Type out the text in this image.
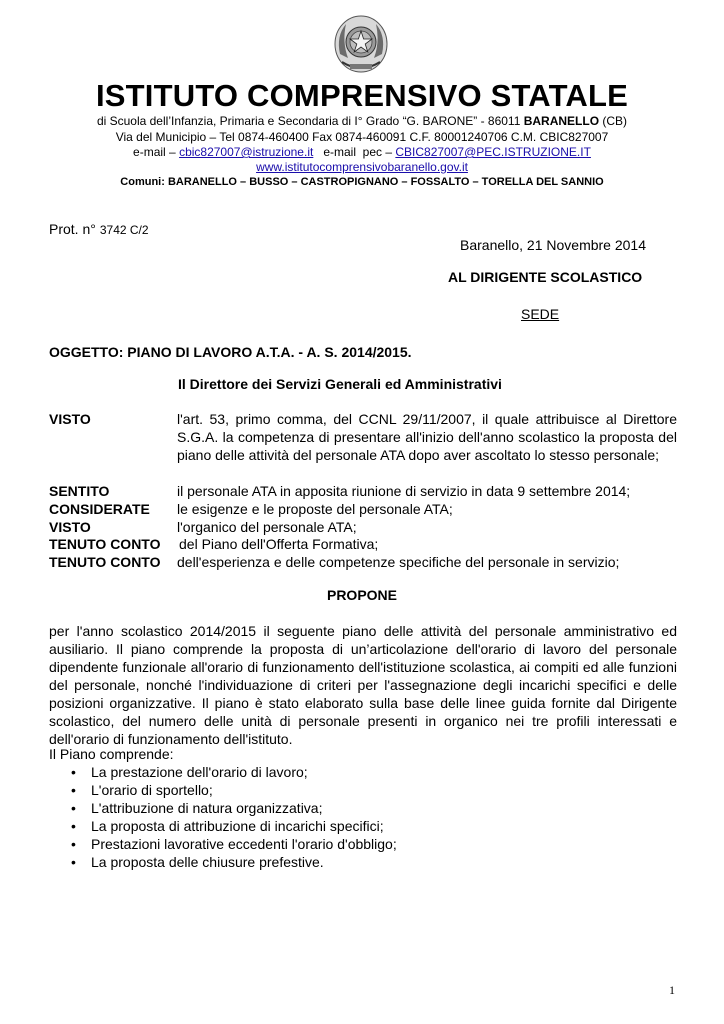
ISTITUTO COMPRENSIVO STATALE
di Scuola dell’Infanzia, Primaria e Secondaria di I° Grado “G. BARONE” - 86011 BARANELLO (CB)
Via del Municipio – Tel 0874-460400 Fax 0874-460091 C.F. 80001240706 C.M. CBIC827007
e-mail – cbic827007@istruzione.it   e-mail  pec – CBIC827007@PEC.ISTRUZIONE.IT
www.istitutocomprensivobaranello.gov.it
Comuni: BARANELLO – BUSSO – CASTROPIGNANO – FOSSALTO – TORELLA DEL SANNIO
Prot. n° 3742 C/2
Baranello, 21 Novembre 2014
AL DIRIGENTE SCOLASTICO
SEDE
OGGETTO: PIANO DI LAVORO A.T.A. - A. S. 2014/2015.
Il Direttore dei Servizi Generali ed Amministrativi
VISTO	l'art. 53, primo comma, del CCNL 29/11/2007, il quale attribuisce al Direttore S.G.A. la competenza di presentare all'inizio dell'anno scolastico la proposta del piano delle attività del personale ATA dopo aver ascoltato lo stesso personale;
SENTITO	il personale ATA in apposita riunione di servizio in data 9 settembre 2014;
CONSIDERATE le esigenze e le proposte del personale ATA;
VISTO	l'organico del personale ATA;
TENUTO CONTO del Piano dell'Offerta Formativa;
TENUTO CONTO dell'esperienza e delle competenze specifiche del personale in servizio;
PROPONE
per l'anno scolastico 2014/2015 il seguente piano delle attività del personale amministrativo ed ausiliario. Il piano comprende la proposta di un’articolazione dell'orario di lavoro del personale dipendente funzionale all'orario di funzionamento dell'istituzione scolastica, ai compiti ed alle funzioni del personale, nonché l'individuazione di criteri per l'assegnazione degli incarichi specifici e delle posizioni organizzative. Il piano è stato elaborato sulla base delle linee guida fornite dal Dirigente scolastico, del numero delle unità di personale presenti in organico nei tre profili interessati e dell'orario di funzionamento dell'istituto.
Il Piano comprende:
• La prestazione dell'orario di lavoro;
• L'orario di sportello;
• L'attribuzione di natura organizzativa;
• La proposta di attribuzione di incarichi specifici;
• Prestazioni lavorative eccedenti l'orario d'obbligo;
• La proposta delle chiusure prefestive.
1
